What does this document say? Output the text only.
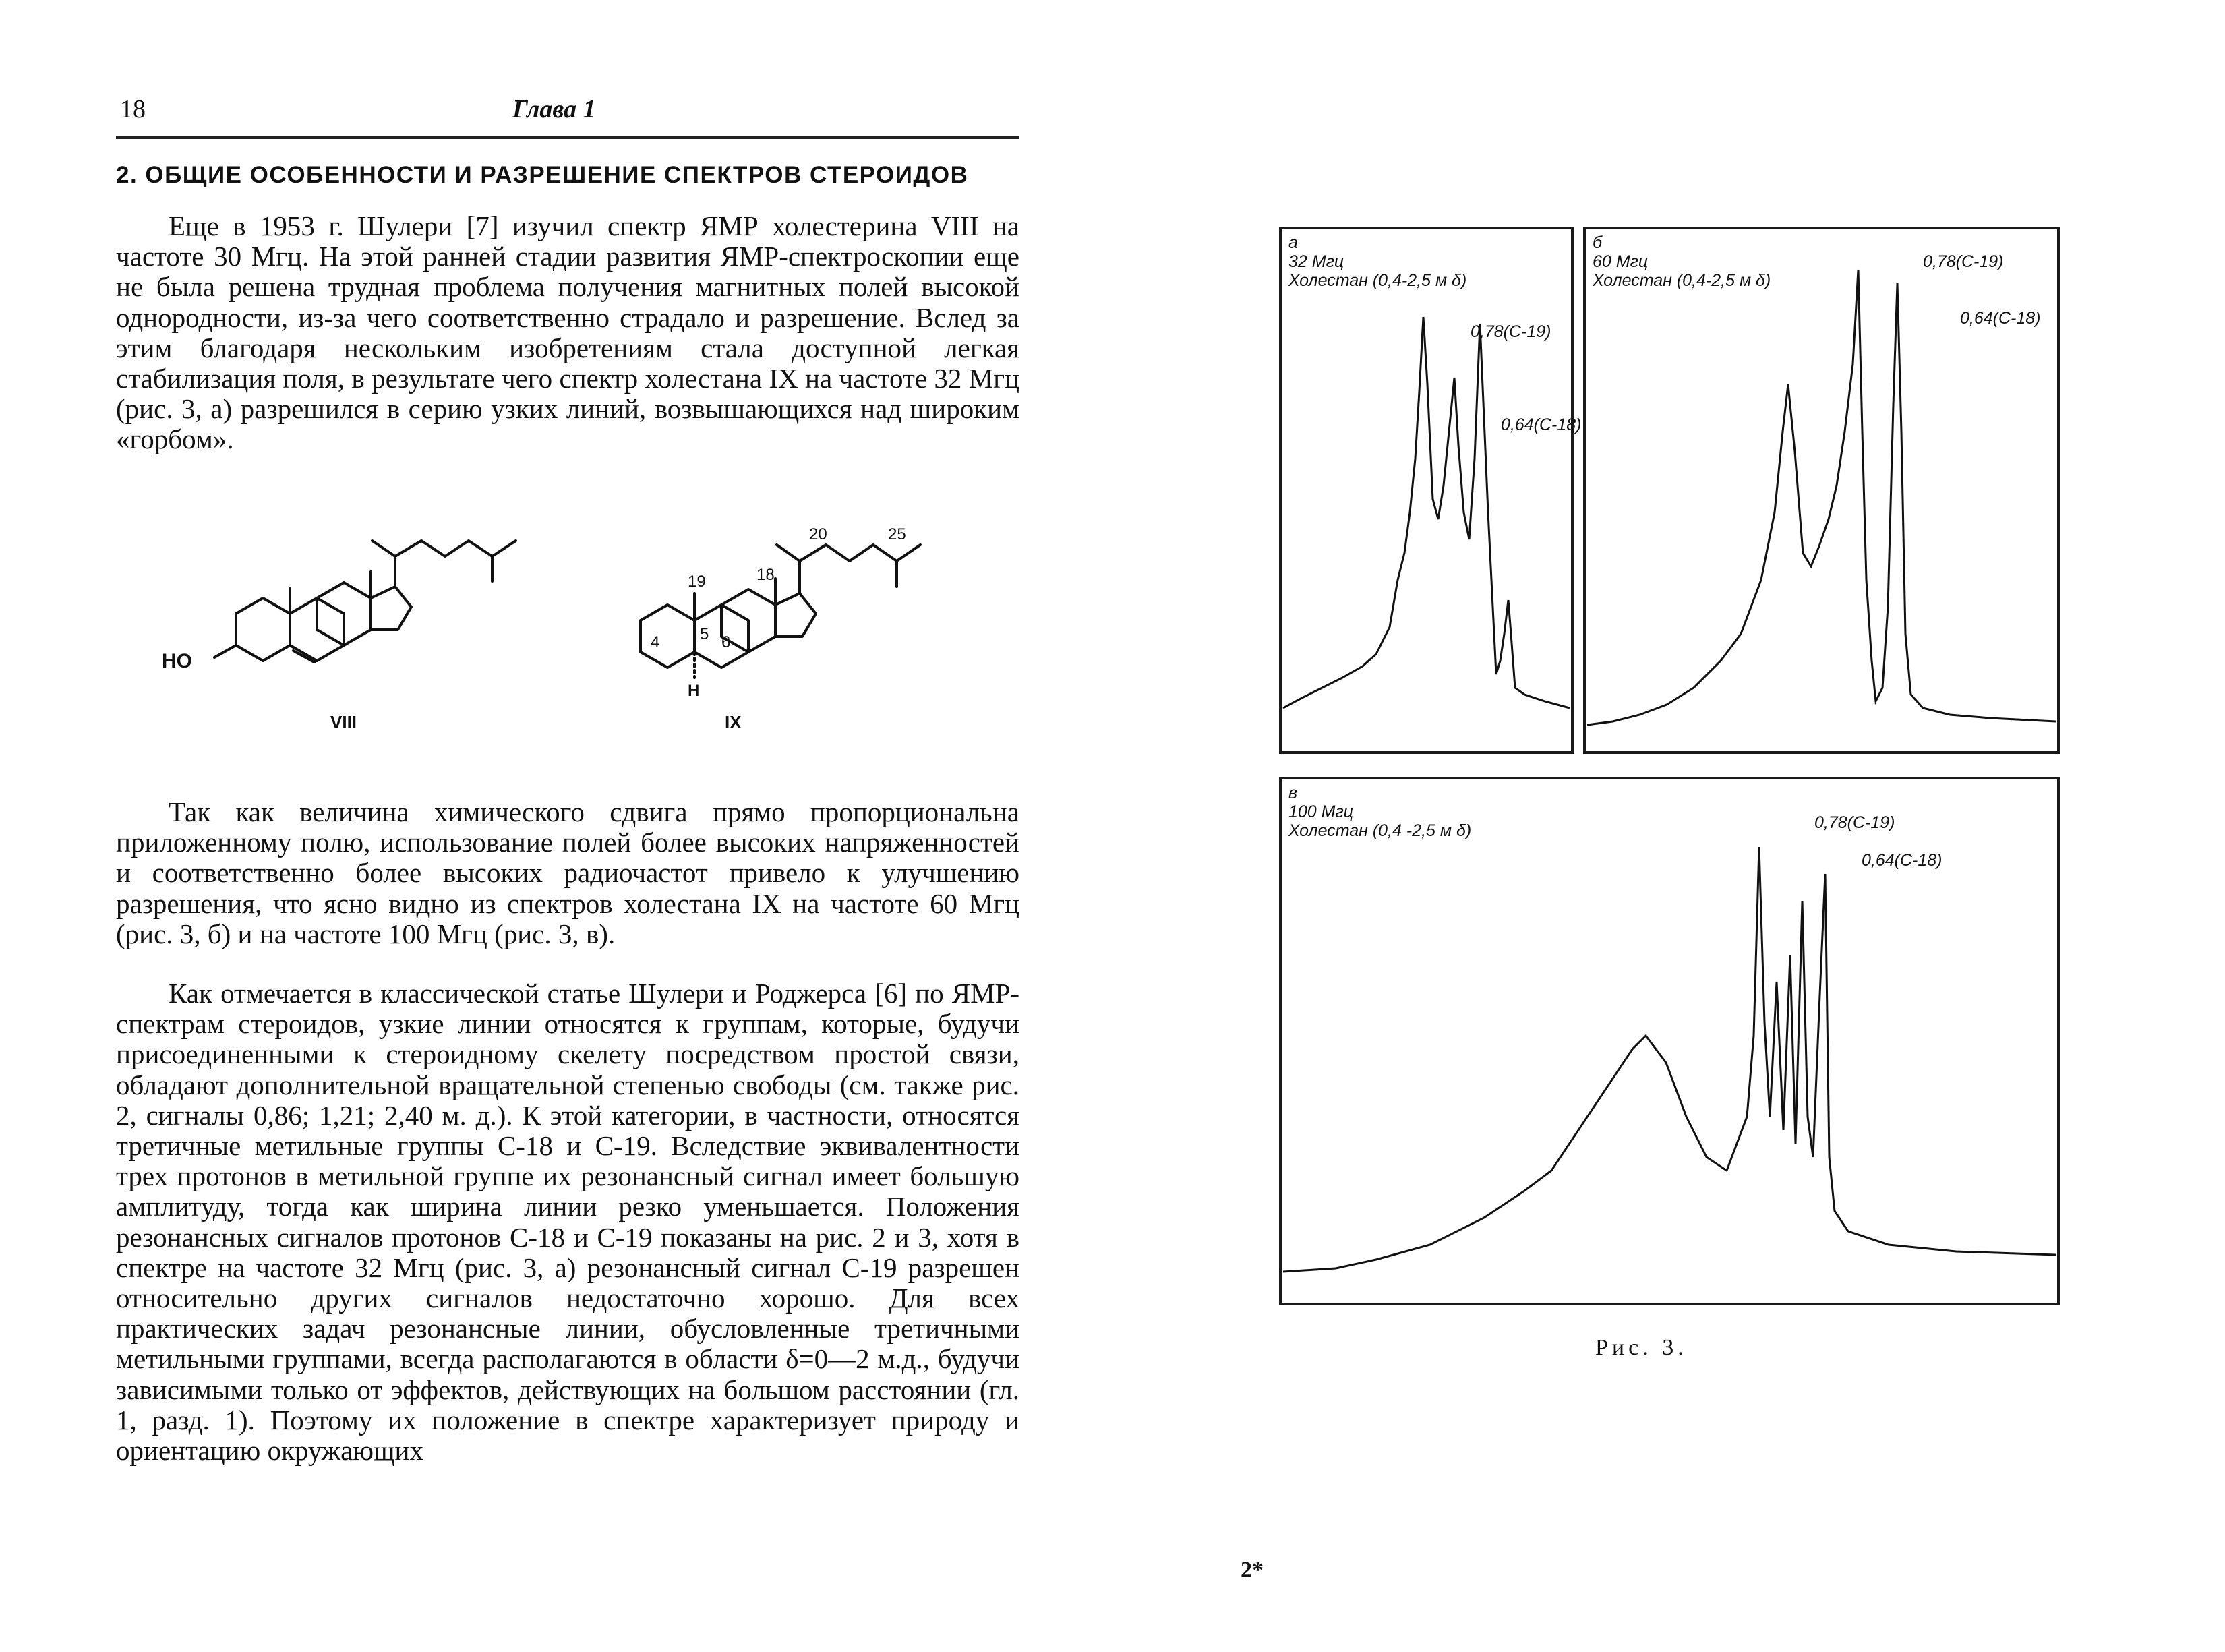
18	Глава 1
2. ОБЩИЕ ОСОБЕННОСТИ И РАЗРЕШЕНИЕ СПЕКТРОВ СТЕРОИДОВ
Еще в 1953 г. Шулери [7] изучил спектр ЯМР холестерина VIII на частоте 30 Мгц. На этой ранней стадии развития ЯМР-спектроскопии еще не была решена трудная проблема получения магнитных полей высокой однородности, из-за чего соответственно страдало и разрешение. Вслед за этим благодаря нескольким изобретениям стала доступной легкая стабилизация поля, в результате чего спектр холестана IX на частоте 32 Мгц (рис. 3, а) разрешился в серию узких линий, возвышающихся над широким «горбом».
HO
VIII
20	25
18
19
4 5 6
H
IX
Так как величина химического сдвига прямо пропорциональна приложенному полю, использование полей более высоких напряженностей и соответственно более высоких радиочастот привело к улучшению разрешения, что ясно видно из спектров холестана IX на частоте 60 Мгц (рис. 3, б) и на частоте 100 Мгц (рис. 3, в).
Как отмечается в классической статье Шулери и Роджерса [6] по ЯМР-спектрам стероидов, узкие линии относятся к группам, которые, будучи присоединенными к стероидному скелету посредством простой связи, обладают дополнительной вращательной степенью свободы (см. также рис. 2, сигналы 0,86; 1,21; 2,40 м. д.). К этой категории, в частности, относятся третичные метильные группы С-18 и С-19. Вследствие эквивалентности трех протонов в метильной группе их резонансный сигнал имеет большую амплитуду, тогда как ширина линии резко уменьшается. Положения резонансных сигналов протонов С-18 и С-19 показаны на рис. 2 и 3, хотя в спектре на частоте 32 Мгц (рис. 3, а) резонансный сигнал С-19 разрешен относительно других сигналов недостаточно хорошо. Для всех практических задач резонансные линии, обусловленные третичными метильными группами, всегда располагаются в области δ=0—2 м.д., будучи зависимыми только от эффектов, действующих на большом расстоянии (гл. 1, разд. 1). Поэтому их положение в спектре характеризует природу и ориентацию окружающих
а
32 Мгц
Холестан (0,4-2,5 м δ)
0,78(С-19)
0,64(С-18)
б
60 Мгц
Холестан (0,4-2,5 м δ)
0,78(С-19)
0,64(С-18)
в
100 Мгц
Холестан (0,4 -2,5 м δ)	0,78(С-19)
0,64(С-18)
Рис. 3.
2*
